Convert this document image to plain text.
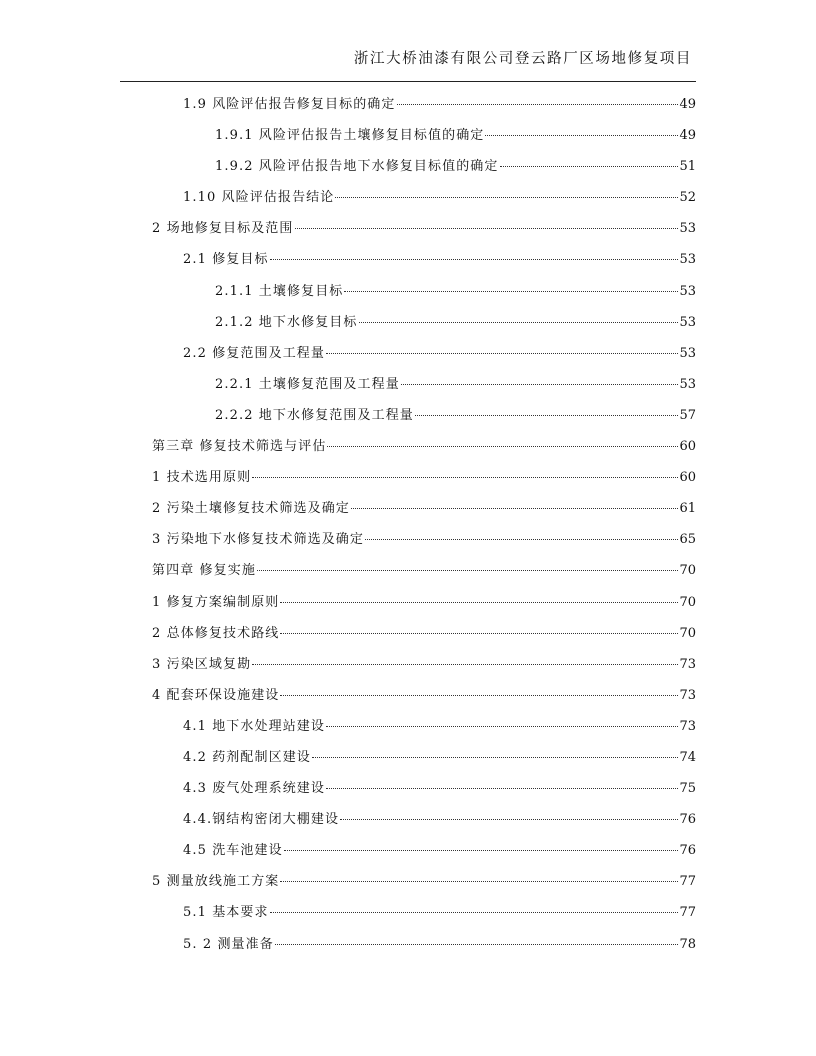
浙江大桥油漆有限公司登云路厂区场地修复项目
1.9 风险评估报告修复目标的确定	49
1.9.1 风险评估报告土壤修复目标值的确定	49
1.9.2 风险评估报告地下水修复目标值的确定	51
1.10 风险评估报告结论	52
2 场地修复目标及范围	53
2.1 修复目标	53
2.1.1 土壤修复目标	53
2.1.2 地下水修复目标	53
2.2 修复范围及工程量	53
2.2.1 土壤修复范围及工程量	53
2.2.2 地下水修复范围及工程量	57
第三章 修复技术筛选与评估	60
1 技术选用原则	60
2 污染土壤修复技术筛选及确定	61
3 污染地下水修复技术筛选及确定	65
第四章 修复实施	70
1 修复方案编制原则	70
2 总体修复技术路线	70
3 污染区域复勘	73
4 配套环保设施建设	73
4.1 地下水处理站建设	73
4.2 药剂配制区建设	74
4.3 废气处理系统建设	75
4.4.钢结构密闭大棚建设	76
4.5 洗车池建设	76
5 测量放线施工方案	77
5.1 基本要求	77
5. 2 测量准备	78
